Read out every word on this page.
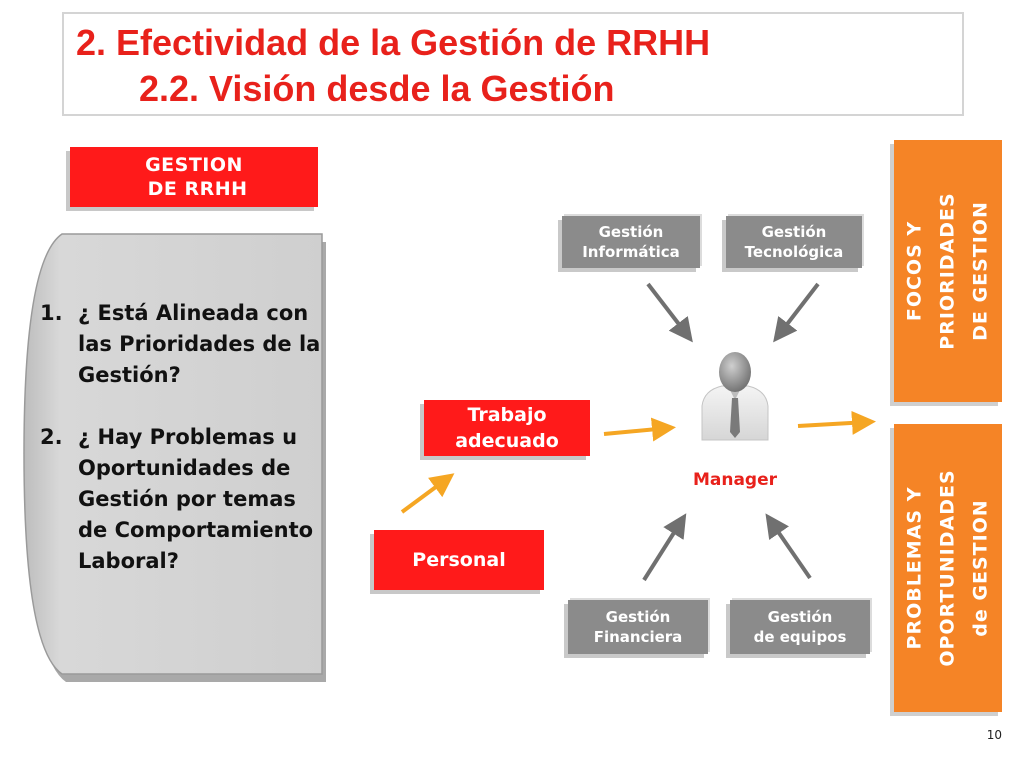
2. Efectividad de la Gestión de RRHH
2.2. Visión desde la Gestión
GESTION
DE RRHH
1. ¿ Está Alineada con las Prioridades de la Gestión?
2. ¿ Hay Problemas u Oportunidades de Gestión por temas de Comportamiento Laboral?
Trabajo
adecuado
Personal
Gestión
Informática
Gestión
Tecnológica
Gestión
Financiera
Gestión
de equipos
Manager
FOCOS Y
PRIORIDADES
DE GESTION
PROBLEMAS Y
OPORTUNIDADES
de GESTION
10
